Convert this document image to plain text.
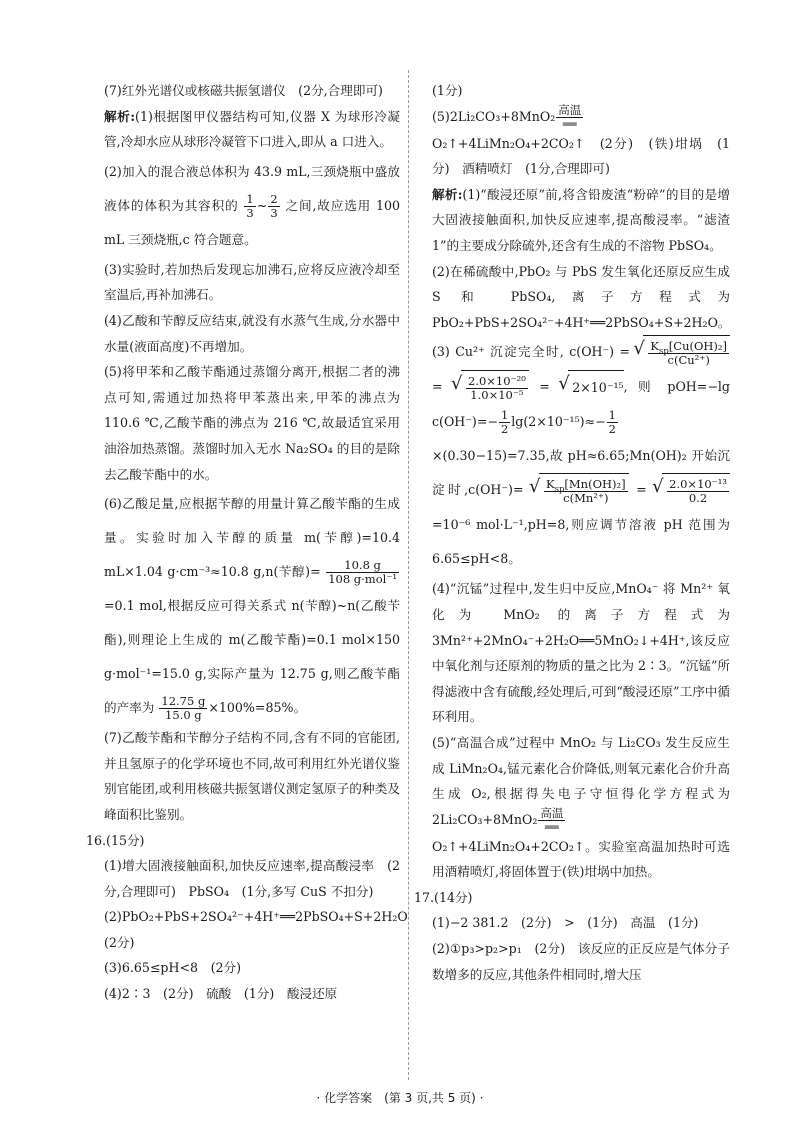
(7)红外光谱仪或核磁共振氢谱仪　(2分,合理即可)

解析:(1)根据图甲仪器结构可知,仪器 X 为球形冷凝管,冷却水应从球形冷凝管下口进入,即从 a 口进入。

(2)加入的混合液总体积为 43.9 mL,三颈烧瓶中盛放液体的体积为其容积的 $\frac{1}{3}$ ~ $\frac{2}{3}$ 之间,故应选用 100 mL 三颈烧瓶,c 符合题意。

(3)实验时,若加热后发现忘加沸石,应将反应液冷却至室温后,再补加沸石。

(4)乙酸和苄醇反应结束,就没有水蒸气生成,分水器中水量(液面高度)不再增加。

(5)将甲苯和乙酸苄酯通过蒸馏分离开,根据二者的沸点可知,需通过加热将甲苯蒸出来,甲苯的沸点为 110.6 ℃,乙酸苄酯的沸点为 216 ℃,故最适宜采用油浴加热蒸馏。蒸馏时加入无水 Na₂SO₄ 的目的是除去乙酸苄酯中的水。

(6)乙酸足量,应根据苄醇的用量计算乙酸苄酯的生成量。实验时加入苄醇的质量 m(苄醇)=10.4 mL×1.04 g·cm⁻³≈10.8 g,n(苄醇)= $\frac{10.8 g}{\text{108 g·mol⁻¹}}$
=0.1 mol,根据反应可得关系式 n(苄醇)~n(乙酸苄酯),则理论上生成的 m(乙酸苄酯)=0.1 mol×150 g·mol⁻¹=15.0 g,实际产量为 12.75 g,则乙酸苄酯的产率为 $\frac{12.75 g}{15.0 g} \times 100\%=85\%$。

(7)乙酸苄酯和苄醇分子结构不同,含有不同的官能团,并且氢原子的化学环境也不同,故可利用红外光谱仪鉴别官能团,或利用核磁共振氢谱仪测定氢原子的种类及峰面积比鉴别。

16.(15分)

(1)增大固液接触面积,加快反应速率,提高酸浸率　(2分,合理即可)　PbSO₄　(1分,多写 CuS 不扣分)

(2)PbO₂+PbS+2SO₄²⁻+4H⁺══2PbSO₄+S+2H₂O　(2分)

(3)6.65≤pH<8　(2分)

(4)2∶3　(2分)　硫酸　(1分)　酸浸还原

(1分)

$(5)2Li_2CO_3+8MnO_2 \frac{\text{高温}}{══}$
O₂↑+4LiMn₂O₄+2CO₂↑　(2分)　(铁)坩埚　(1分)　酒精喷灯　(1分,合理即可)

解析:(1)“酸浸还原”前,将含铅废渣“粉碎”的目的是增大固液接触面积,加快反应速率,提高酸浸率。“滤渣1”的主要成分除硫外,还含有生成的不溶物 PbSO₄。

(2)在稀硫酸中,PbO₂ 与 PbS 发生氧化还原反应生成 S 和 PbSO₄,离子方程式为 PbO₂+PbS+2SO₄²⁻+4H⁺══2PbSO₄+S+2H₂O。

(3) Cu²⁺ 沉淀完全时, c(OH⁻) = √ $\frac{K_{sp}[Cu(OH)_2]}{\text{c(Cu²⁺)}}$
= √ $\frac{\text{2.0×10⁻²⁰}}{\text{1.0×10⁻⁵}}$ = √ 2×10⁻¹⁵, 则 pOH=−lg $c(OH^-)=- \frac{1}{2} \lg(2\times 10^{-15})\approx- \frac{1}{2}$
×(0.30−15)=7.35,故 pH≈6.65;Mn(OH)₂ 开始沉淀时,c(OH⁻)= √ $\frac{K_{sp}[Mn(OH)_2]}{\text{c(Mn²⁺)}}$ = √ $\frac{\text{2.0×10⁻¹³}}{0.2}$
=10⁻⁶ mol·L⁻¹,pH=8,则应调节溶液 pH 范围为 6.65≤pH<8。

(4)“沉锰”过程中,发生归中反应,MnO₄⁻ 将 Mn²⁺ 氧化为 MnO₂ 的离子方程式为 3Mn²⁺+2MnO₄⁻+2H₂O══5MnO₂↓+4H⁺,该反应中氧化剂与还原剂的物质的量之比为 2∶3。“沉锰”所得滤液中含有硫酸,经处理后,可到“酸浸还原”工序中循环利用。

(5)“高温合成”过程中 MnO₂ 与 Li₂CO₃ 发生反应生成 LiMn₂O₄,锰元素化合价降低,则氧元素化合价升高生成 O₂,根据得失电子守恒得化学方程式为 $2Li_2CO_3+8MnO_2 \frac{\text{高温}}{══}$
O₂↑+4LiMn₂O₄+2CO₂↑。实验室高温加热时可选用酒精喷灯,将固体置于(铁)坩埚中加热。

17.(14分)

(1)−2 381.2　(2分)　>　(1分)　高温　(1分)

(2)①p₃>p₂>p₁　(2分)　该反应的正反应是气体分子数增多的反应,其他条件相同时,增大压

· 化学答案　(第 3 页,共 5 页) ·
